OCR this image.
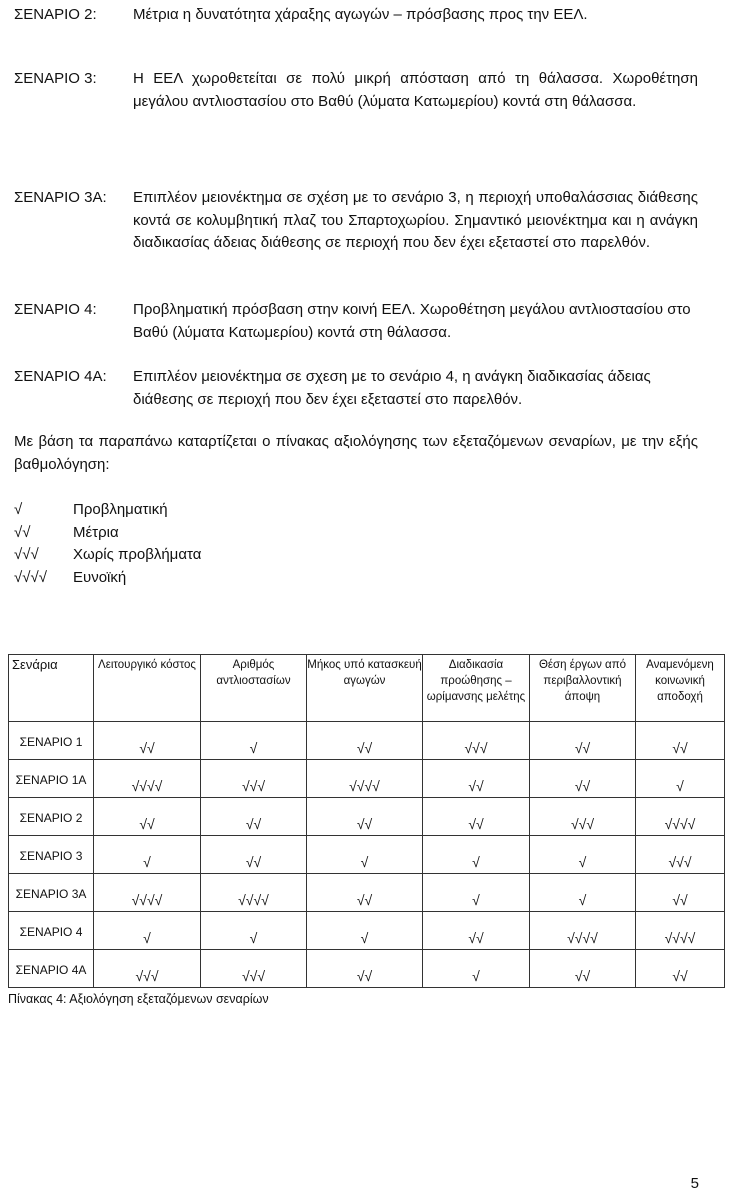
ΣΕΝΑΡΙΟ 2:	Μέτρια η δυνατότητα χάραξης αγωγών – πρόσβασης προς την ΕΕΛ.
ΣΕΝΑΡΙΟ 3:	Η ΕΕΛ χωροθετείται σε πολύ μικρή απόσταση από τη θάλασσα. Χωροθέτηση μεγάλου αντλιοστασίου στο Βαθύ (λύματα Κατωμερίου) κοντά στη θάλασσα.
ΣΕΝΑΡΙΟ 3Α:	Επιπλέον μειονέκτημα σε σχέση με το σενάριο 3, η περιοχή υποθαλάσσιας διάθεσης κοντά σε κολυμβητική πλαζ του Σπαρτοχωρίου. Σημαντικό μειονέκτημα και η ανάγκη διαδικασίας άδειας διάθεσης σε περιοχή που δεν έχει εξεταστεί στο παρελθόν.
ΣΕΝΑΡΙΟ 4:	Προβληματική πρόσβαση στην κοινή ΕΕΛ. Χωροθέτηση μεγάλου αντλιοστασίου στο Βαθύ (λύματα Κατωμερίου) κοντά στη θάλασσα.
ΣΕΝΑΡΙΟ 4Α:	Επιπλέον μειονέκτημα σε σχεση με το σενάριο 4, η ανάγκη διαδικασίας άδειας διάθεσης σε περιοχή που δεν έχει εξεταστεί στο παρελθόν.
Με βάση τα παραπάνω καταρτίζεται ο πίνακας αξιολόγησης των εξεταζόμενων σεναρίων, με την εξής βαθμολόγηση:
√	Προβληματική
√√	Μέτρια
√√√	Χωρίς προβλήματα
√√√√	Ευνοϊκή
Σενάρια	Λειτουργικό κόστος	Αριθμός αντλιοστασίων	Μήκος υπό κατασκευή αγωγών	Διαδικασία προώθησης – ωρίμανσης μελέτης	Θέση έργων από περιβαλλοντική άποψη	Αναμενόμενη κοινωνική αποδοχή
ΣΕΝΑΡΙΟ 1	√√	√	√√	√√√	√√	√√
ΣΕΝΑΡΙΟ 1Α	√√√√	√√√	√√√√	√√	√√	√
ΣΕΝΑΡΙΟ 2	√√	√√	√√	√√	√√√	√√√√
ΣΕΝΑΡΙΟ 3	√	√√	√	√	√	√√√
ΣΕΝΑΡΙΟ 3Α	√√√√	√√√√	√√	√	√	√√
ΣΕΝΑΡΙΟ 4	√	√	√	√√	√√√√	√√√√
ΣΕΝΑΡΙΟ 4Α	√√√	√√√	√√	√	√√	√√
Πίνακας 4: Αξιολόγηση εξεταζόμενων σεναρίων
5
